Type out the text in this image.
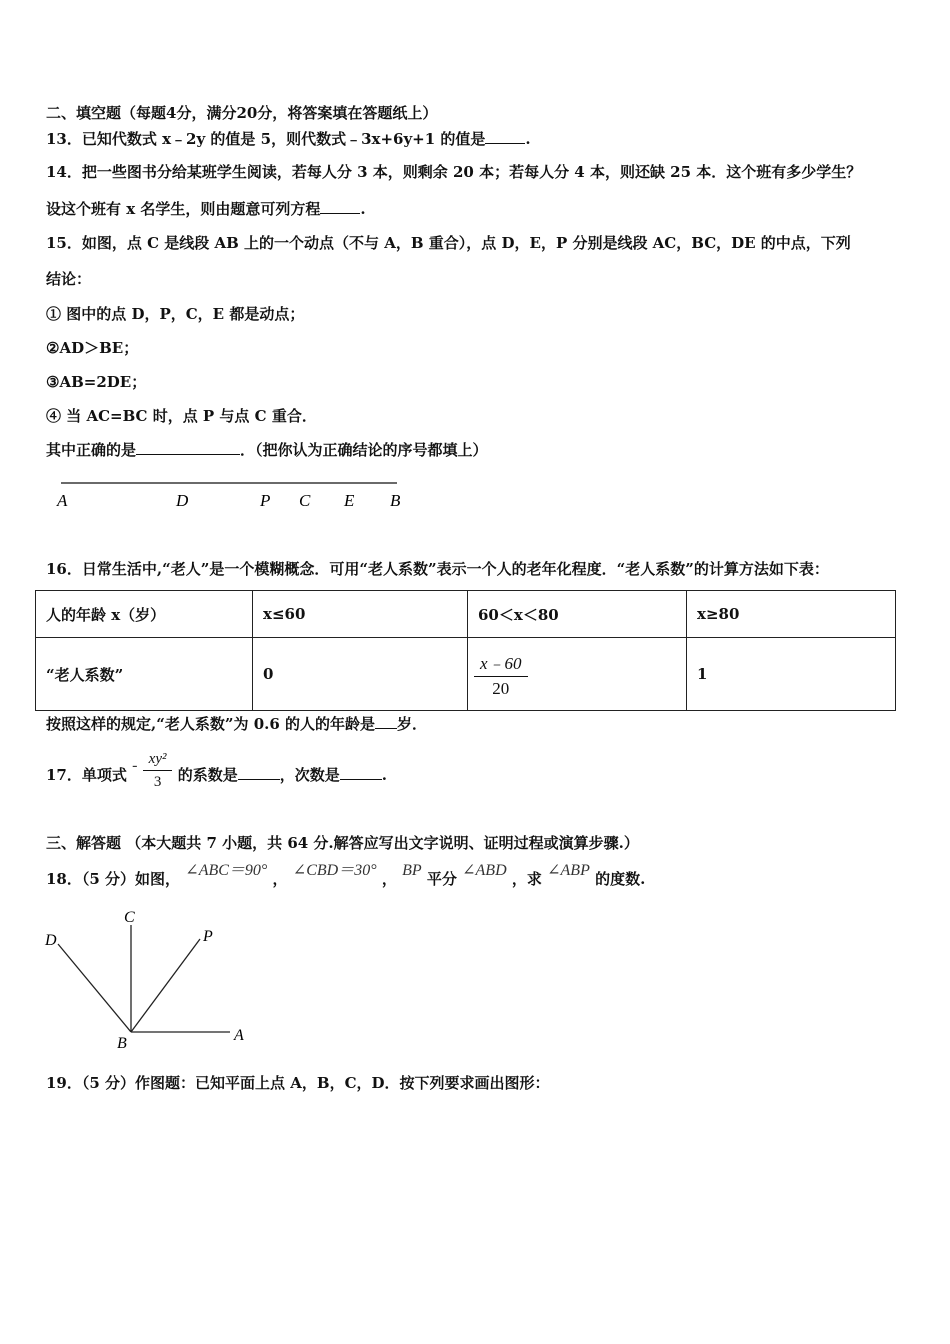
二、填空题（每题4分，满分20分，将答案填在答题纸上）
13．已知代数式 x﹣2y 的值是 5，则代数式﹣3x+6y+1 的值是	.
14．把一些图书分给某班学生阅读，若每人分 3 本，则剩余 20 本；若每人分 4 本，则还缺 25 本．这个班有多少学生？
设这个班有 x 名学生，则由题意可列方程	.
15．如图，点 C 是线段 AB 上的一个动点（不与 A，B 重合），点 D，E，P 分别是线段 AC，BC，DE 的中点，下列
结论：
① 图中的点 D，P，C，E 都是动点；
②AD＞BE；
③AB=2DE；
④ 当 AC=BC 时，点 P 与点 C 重合．
其中正确的是	．（把你认为正确结论的序号都填上）
A	D	P C E B
16．日常生活中,“老人”是一个模糊概念．可用“老人系数”表示一个人的老年化程度．“老人系数”的计算方法如下表：
人的年龄 x（岁）	x≤60	60＜x＜80	x≥80
“老人系数”	0	$\frac{x﹣60}{20}$	1
按照这样的规定,“老人系数”为 0.6 的人的年龄是 岁．
17．单项式 - $\frac{\text{xy²}}{3}$ 的系数是	，次数是	.
三、解答题 （本大题共 7 小题，共 64 分.解答应写出文字说明、证明过程或演算步骤.）
18．（5 分）如图， ∠ABC＝90° ， ∠CBD＝30° ， BP 平分 ∠ABD ，求 ∠ABP 的度数.
D
C
P
B	A
19．（5 分）作图题：已知平面上点 A，B，C，D．按下列要求画出图形：
